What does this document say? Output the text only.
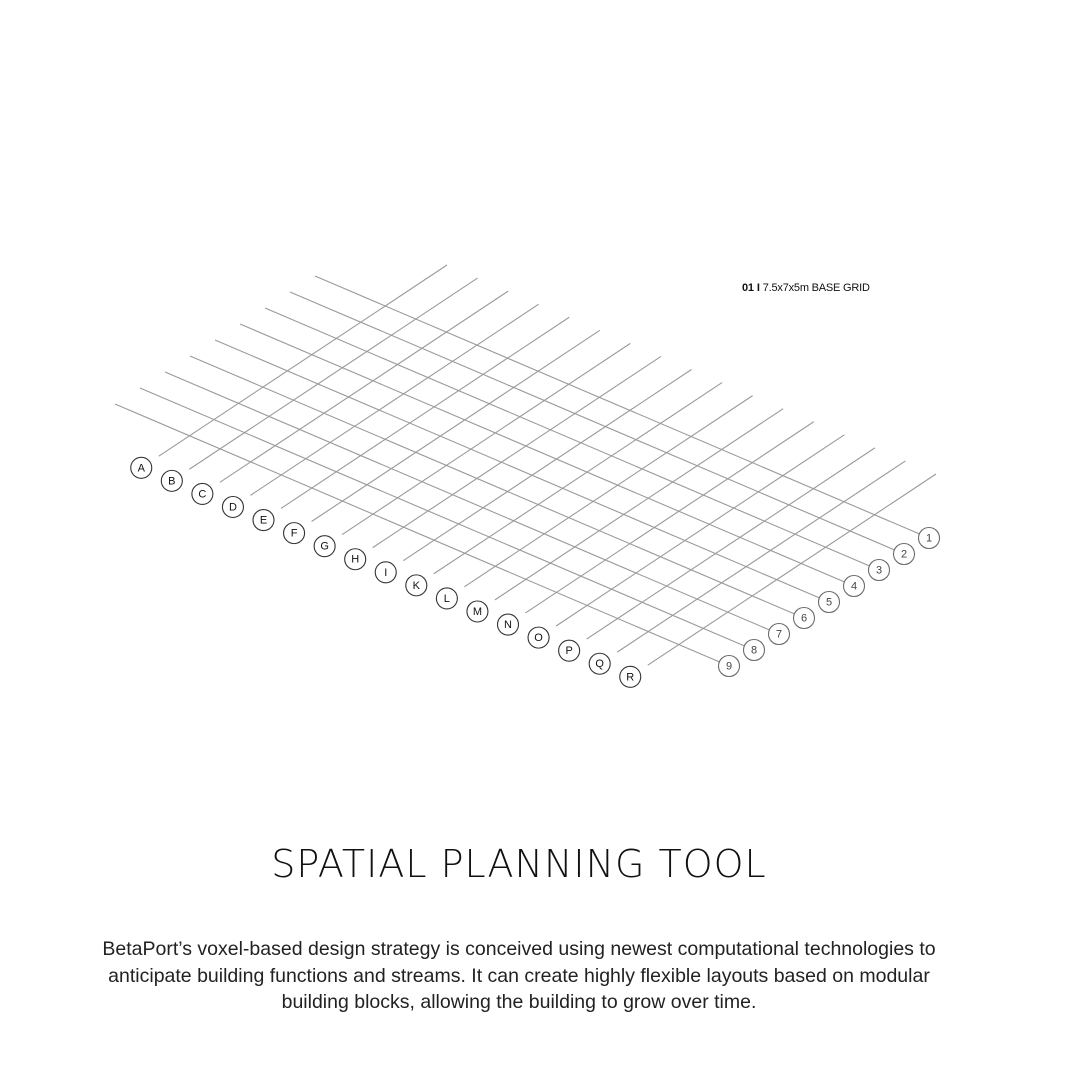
A
B
C
D
E
F
G
H
I
K
L
M
N
O
P
Q
R
1
2
3
4
5
6
7
8
9
01 I 7.5x7x5m BASE GRID
SPATIAL PLANNING TOOL
BetaPort’s voxel-based design strategy is conceived using newest computational technologies to anticipate building functions and streams. It can create highly flexible layouts based on modular building blocks, allowing the building to grow over time.
